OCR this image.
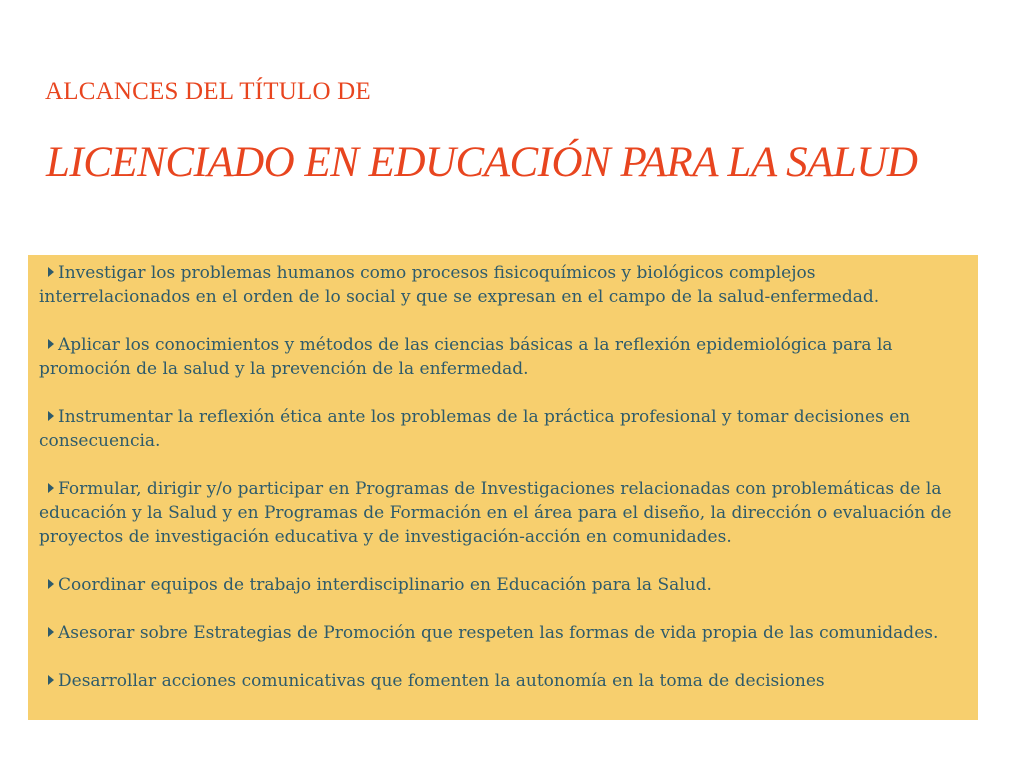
ALCANCES DEL TÍTULO DE
LICENCIADO EN EDUCACIÓN PARA LA SALUD

Investigar los problemas humanos como procesos fisicoquímicos y biológicos complejos interrelacionados en el orden de lo social y que se expresan en el campo de la salud-enfermedad.

Aplicar los conocimientos y métodos de las ciencias básicas a la reflexión epidemiológica para la promoción de la salud y la prevención de la enfermedad.

Instrumentar la reflexión ética ante los problemas de la práctica profesional y tomar decisiones en consecuencia.

Formular, dirigir y/o participar en Programas de Investigaciones relacionadas con problemáticas de la educación y la Salud y en Programas de Formación en el área para el diseño, la dirección o evaluación de proyectos de investigación educativa y de investigación-acción en comunidades.

Coordinar equipos de trabajo interdisciplinario en Educación para la Salud.

Asesorar sobre Estrategias de Promoción que respeten las formas de vida propia de las comunidades.

Desarrollar acciones comunicativas que fomenten la autonomía en la toma de decisiones
